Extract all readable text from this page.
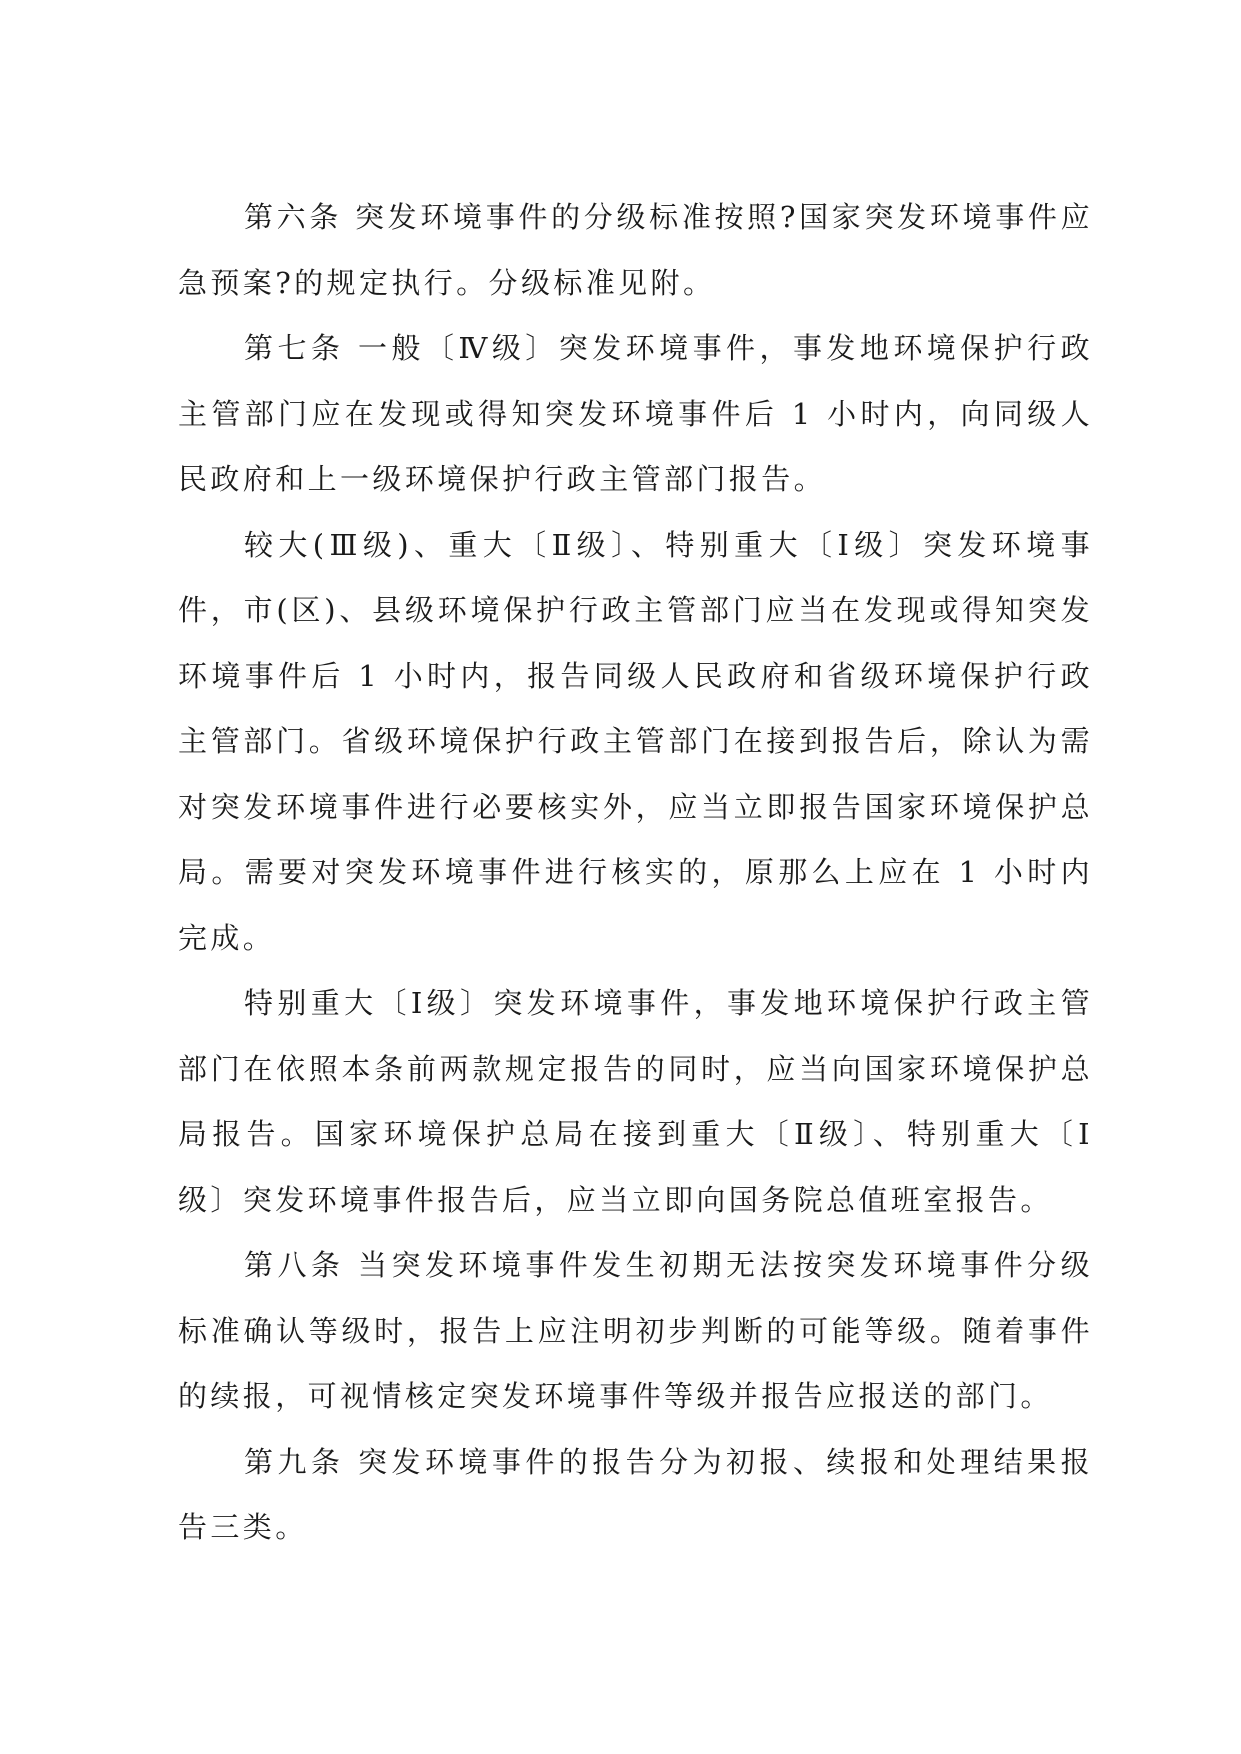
第六条 突发环境事件的分级标准按照?国家突发环境事件应急预案?的规定执行。分级标准见附。

第七条 一般〔Ⅳ级〕突发环境事件，事发地环境保护行政主管部门应在发现或得知突发环境事件后 1 小时内，向同级人民政府和上一级环境保护行政主管部门报告。

较大(Ⅲ级)、重大〔Ⅱ级〕、特别重大〔Ⅰ级〕突发环境事件，市(区)、县级环境保护行政主管部门应当在发现或得知突发环境事件后 1 小时内，报告同级人民政府和省级环境保护行政主管部门。省级环境保护行政主管部门在接到报告后，除认为需对突发环境事件进行必要核实外，应当立即报告国家环境保护总局。需要对突发环境事件进行核实的，原那么上应在 1 小时内完成。

特别重大〔Ⅰ级〕突发环境事件，事发地环境保护行政主管部门在依照本条前两款规定报告的同时，应当向国家环境保护总局报告。国家环境保护总局在接到重大〔Ⅱ级〕、特别重大〔Ⅰ级〕突发环境事件报告后，应当立即向国务院总值班室报告。

第八条 当突发环境事件发生初期无法按突发环境事件分级标准确认等级时，报告上应注明初步判断的可能等级。随着事件的续报，可视情核定突发环境事件等级并报告应报送的部门。

第九条 突发环境事件的报告分为初报、续报和处理结果报告三类。
